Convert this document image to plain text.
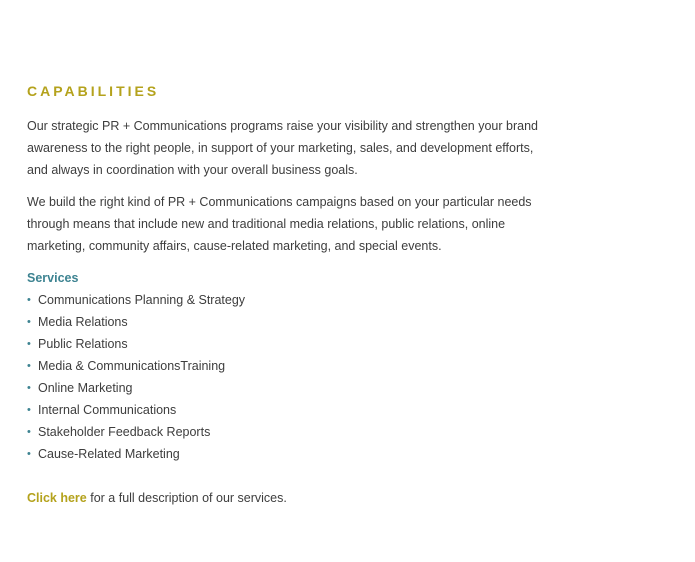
CAPABILITIES

Our strategic PR + Communications programs raise your visibility and strengthen your brand awareness to the right people, in support of your marketing, sales, and development efforts, and always in coordination with your overall business goals.

We build the right kind of PR + Communications campaigns based on your particular needs through means that include new and traditional media relations, public relations, online marketing, community affairs, cause-related marketing, and special events.

Services
• Communications Planning & Strategy
• Media Relations
• Public Relations
• Media & CommunicationsTraining
• Online Marketing
• Internal Communications
• Stakeholder Feedback Reports
• Cause-Related Marketing

Click here for a full description of our services.
